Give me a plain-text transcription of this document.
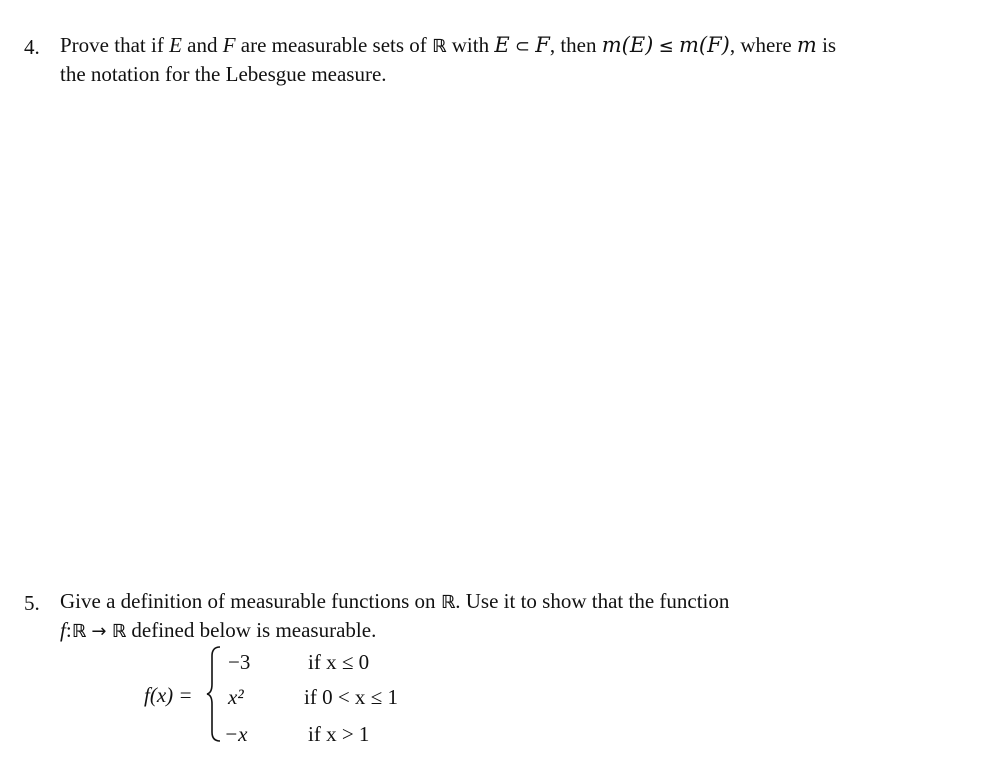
4. Prove that if E and F are measurable sets of ℝ with E ⊂ F, then m(E) ≤ m(F), where m is
the notation for the Lebesgue measure.
5. Give a definition of measurable functions on ℝ. Use it to show that the function
f:ℝ → ℝ defined below is measurable.
f(x) =
−3	if x ≤ 0
x²	if 0 < x ≤ 1
−x	if x > 1
